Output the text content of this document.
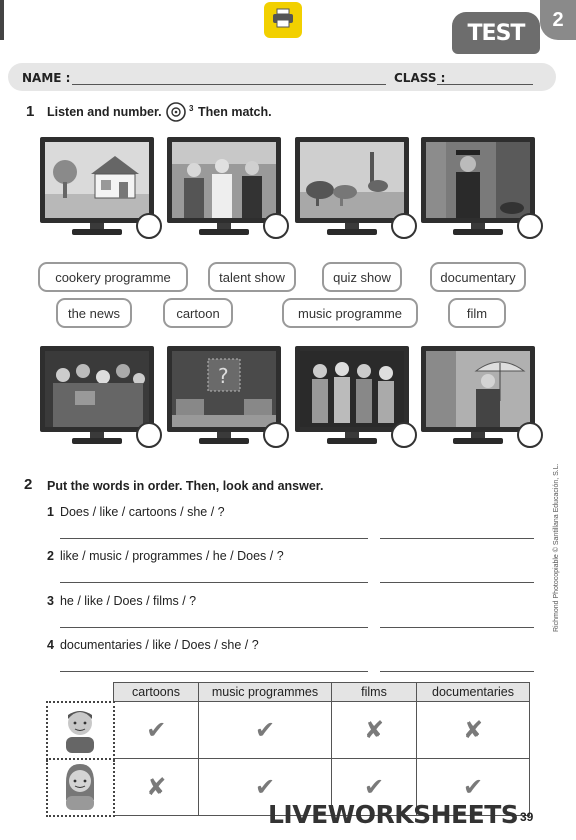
TEST
2
NAME :	CLASS :
1 Listen and number.	3 Then match.
cookery programme	talent show	quiz show	documentary
the news	cartoon	music programme	film
?
2 Put the words in order. Then, look and answer.
1 Does / like / cartoons / she / ?
2 like / music / programmes / he / Does / ?
3 he / like / Does / films / ?
4 documentaries / like / Does / she / ?
	cartoons	music programmes	films	documentaries
	✔	✔	✘	✘
	✘	✔	✔	✔
Richmond Photocopiable © Santillana Educación, S.L.
LIVEWORKSHEETS 39
